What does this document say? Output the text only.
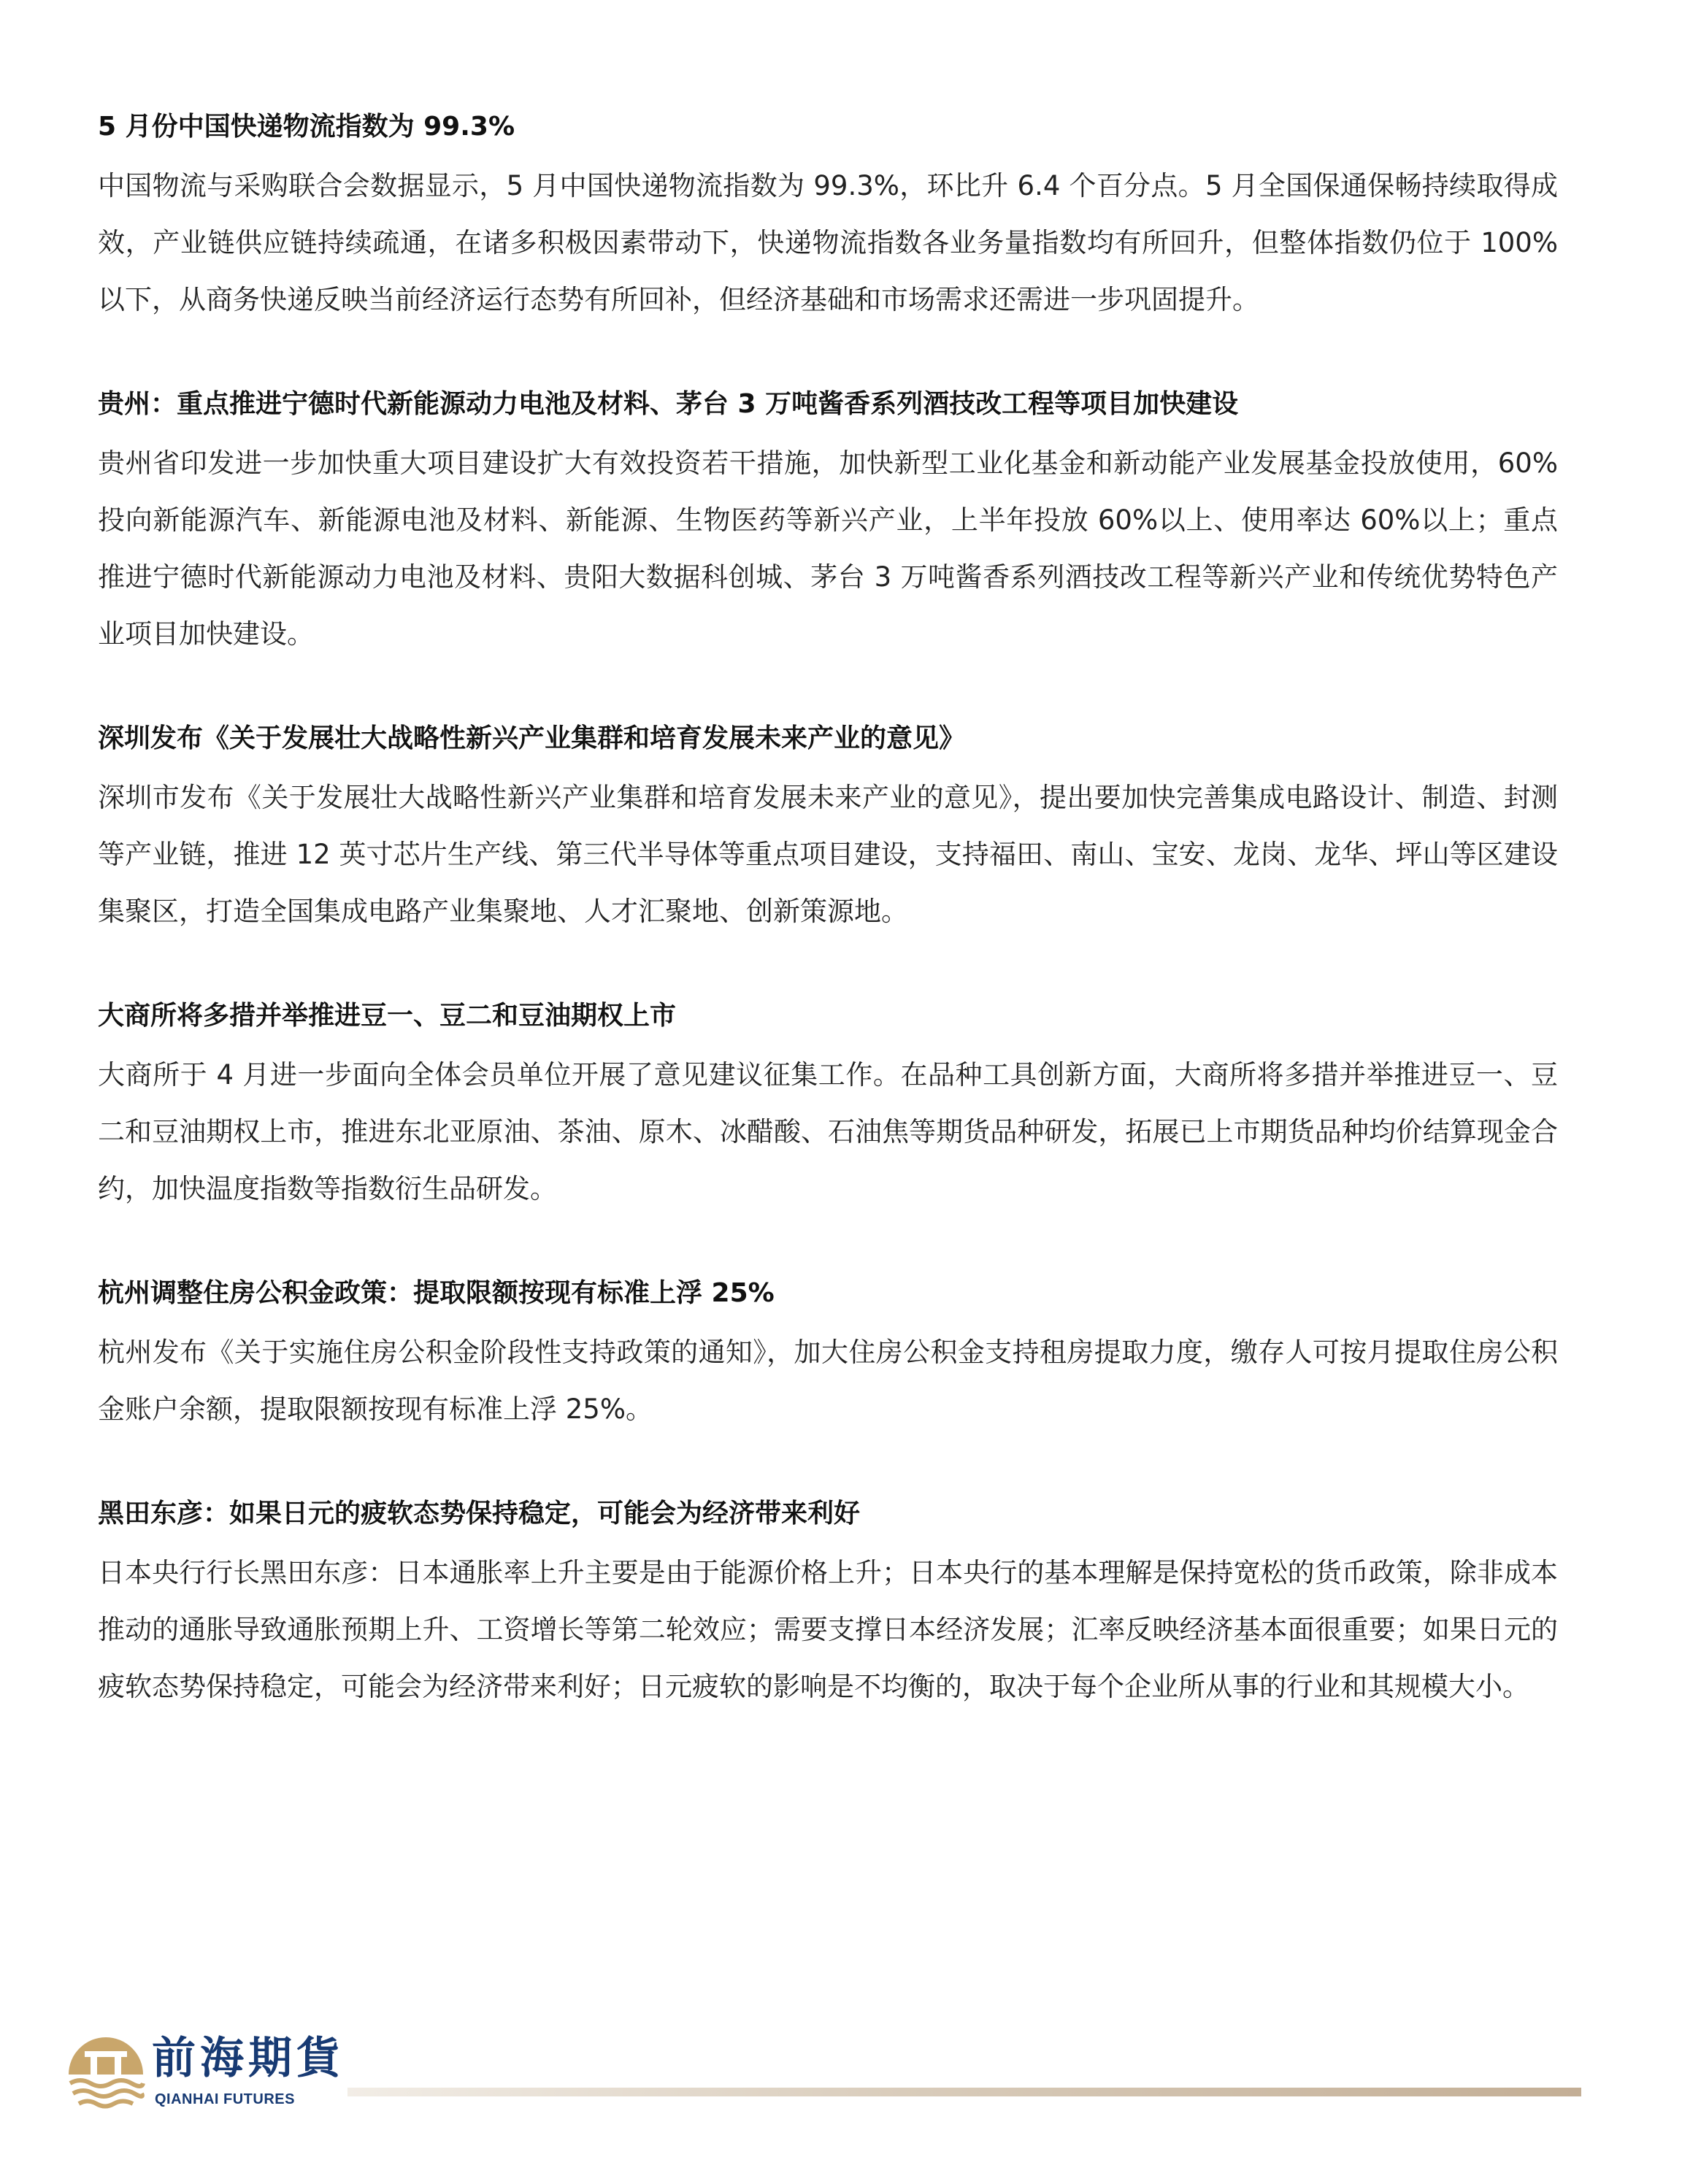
5 月份中国快递物流指数为 99.3%

中国物流与采购联合会数据显示，5 月中国快递物流指数为 99.3%，环比升 6.4 个百分点。5 月全国保通保畅持续取得成效，产业链供应链持续疏通，在诸多积极因素带动下，快递物流指数各业务量指数均有所回升，但整体指数仍位于 100%以下，从商务快递反映当前经济运行态势有所回补，但经济基础和市场需求还需进一步巩固提升。

贵州：重点推进宁德时代新能源动力电池及材料、茅台 3 万吨酱香系列酒技改工程等项目加快建设

贵州省印发进一步加快重大项目建设扩大有效投资若干措施，加快新型工业化基金和新动能产业发展基金投放使用，60%投向新能源汽车、新能源电池及材料、新能源、生物医药等新兴产业，上半年投放 60%以上、使用率达 60%以上；重点推进宁德时代新能源动力电池及材料、贵阳大数据科创城、茅台 3 万吨酱香系列酒技改工程等新兴产业和传统优势特色产业项目加快建设。

深圳发布《关于发展壮大战略性新兴产业集群和培育发展未来产业的意见》

深圳市发布《关于发展壮大战略性新兴产业集群和培育发展未来产业的意见》，提出要加快完善集成电路设计、制造、封测等产业链，推进 12 英寸芯片生产线、第三代半导体等重点项目建设，支持福田、南山、宝安、龙岗、龙华、坪山等区建设集聚区，打造全国集成电路产业集聚地、人才汇聚地、创新策源地。

大商所将多措并举推进豆一、豆二和豆油期权上市

大商所于 4 月进一步面向全体会员单位开展了意见建议征集工作。在品种工具创新方面，大商所将多措并举推进豆一、豆二和豆油期权上市，推进东北亚原油、茶油、原木、冰醋酸、石油焦等期货品种研发，拓展已上市期货品种均价结算现金合约，加快温度指数等指数衍生品研发。

杭州调整住房公积金政策：提取限额按现有标准上浮 25%

杭州发布《关于实施住房公积金阶段性支持政策的通知》，加大住房公积金支持租房提取力度，缴存人可按月提取住房公积金账户余额，提取限额按现有标准上浮 25%。

黑田东彦：如果日元的疲软态势保持稳定，可能会为经济带来利好

日本央行行长黑田东彦：日本通胀率上升主要是由于能源价格上升；日本央行的基本理解是保持宽松的货币政策，除非成本推动的通胀导致通胀预期上升、工资增长等第二轮效应；需要支撑日本经济发展；汇率反映经济基本面很重要；如果日元的疲软态势保持稳定，可能会为经济带来利好；日元疲软的影响是不均衡的，取决于每个企业所从事的行业和其规模大小。

前海期貨
QIANHAI FUTURES
